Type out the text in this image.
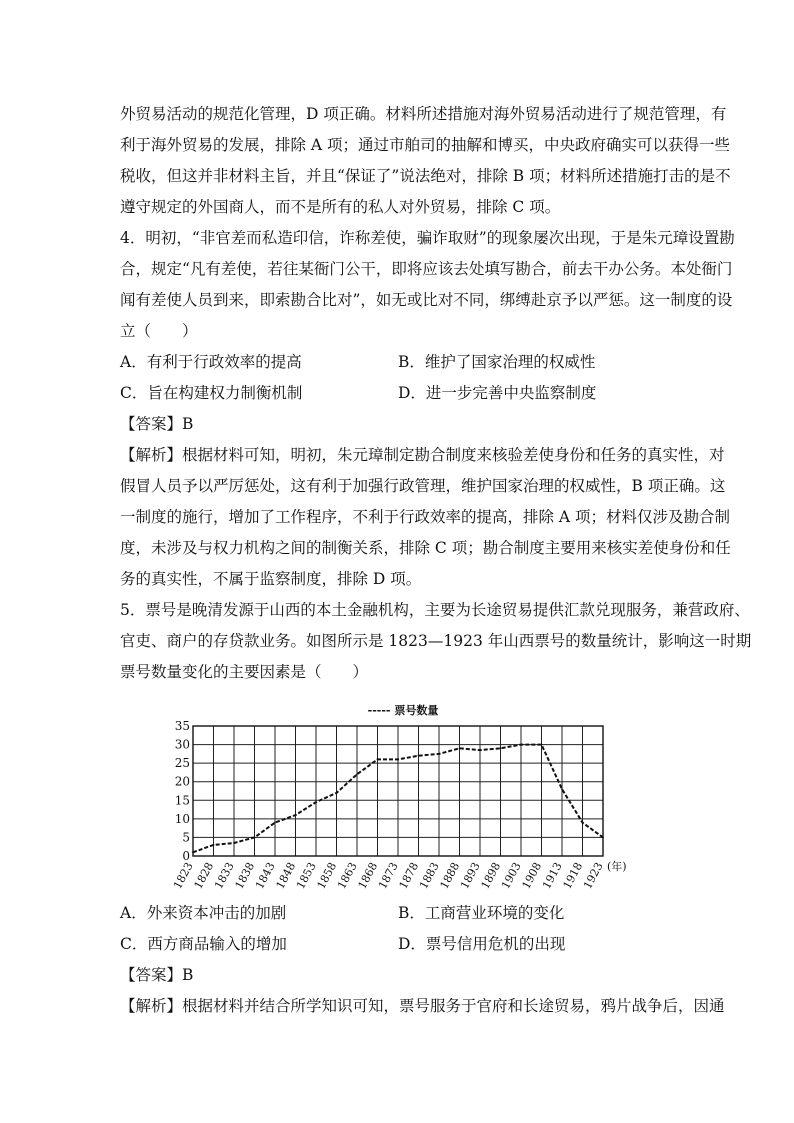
外贸易活动的规范化管理，D 项正确。材料所述措施对海外贸易活动进行了规范管理，有
利于海外贸易的发展，排除 A 项；通过市舶司的抽解和博买，中央政府确实可以获得一些
税收，但这并非材料主旨，并且“保证了”说法绝对，排除 B 项；材料所述措施打击的是不
遵守规定的外国商人，而不是所有的私人对外贸易，排除 C 项。
4．明初，“非官差而私造印信，诈称差使，骗诈取财”的现象屡次出现，于是朱元璋设置勘
合，规定“凡有差使，若往某衙门公干，即将应该去处填写勘合，前去干办公务。本处衙门
闻有差使人员到来，即索勘合比对”，如无或比对不同，绑缚赴京予以严惩。这一制度的设
立（　　）
A．有利于行政效率的提高	B．维护了国家治理的权威性
C．旨在构建权力制衡机制	D．进一步完善中央监察制度
【答案】B
【解析】根据材料可知，明初，朱元璋制定勘合制度来核验差使身份和任务的真实性，对
假冒人员予以严厉惩处，这有利于加强行政管理，维护国家治理的权威性，B 项正确。这
一制度的施行，增加了工作程序，不利于行政效率的提高，排除 A 项；材料仅涉及勘合制
度，未涉及与权力机构之间的制衡关系，排除 C 项；勘合制度主要用来核实差使身份和任
务的真实性，不属于监察制度，排除 D 项。
5．票号是晚清发源于山西的本土金融机构，主要为长途贸易提供汇款兑现服务，兼营政府、
官吏、商户的存贷款业务。如图所示是 1823—1923 年山西票号的数量统计，影响这一时期
票号数量变化的主要因素是（　　）
----- 票号数量
0
5
10
15
20
25
30
35
1823
1828
1833
1838
1843
1848
1853
1858
1863
1868
1873
1878
1883
1888
1893
1898
1903
1908
1913
1918
1923 (年)
A．外来资本冲击的加剧	B．工商营业环境的变化
C．西方商品输入的增加	D．票号信用危机的出现
【答案】B
【解析】根据材料并结合所学知识可知，票号服务于官府和长途贸易，鸦片战争后，因通
